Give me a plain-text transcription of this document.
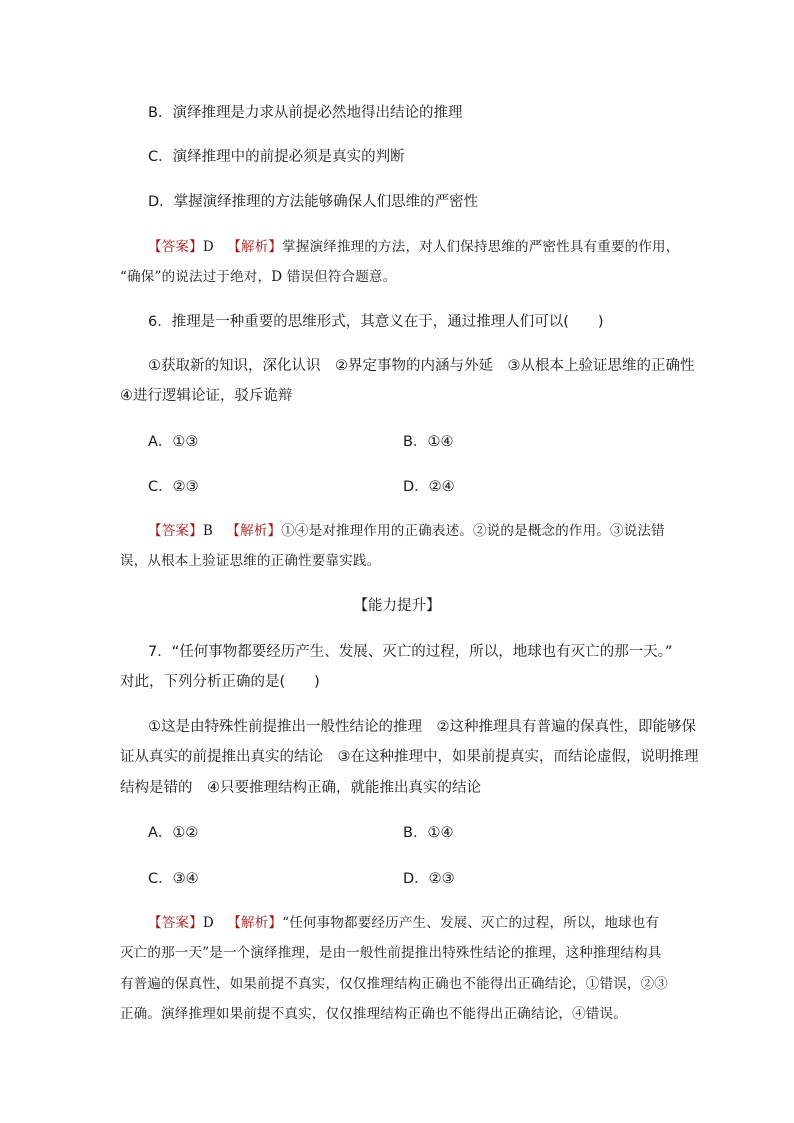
B．演绎推理是力求从前提必然地得出结论的推理
C．演绎推理中的前提必须是真实的判断
D．掌握演绎推理的方法能够确保人们思维的严密性
【答案】D 【解析】掌握演绎推理的方法，对人们保持思维的严密性具有重要的作用，
“确保”的说法过于绝对，D 错误但符合题意。
6．推理是一种重要的思维形式，其意义在于，通过推理人们可以(　　)
①获取新的知识，深化认识　②界定事物的内涵与外延　③从根本上验证思维的正确性
④进行逻辑论证，驳斥诡辩
A．①③	B．①④
C．②③	D．②④
【答案】B 【解析】①④是对推理作用的正确表述。②说的是概念的作用。③说法错
误，从根本上验证思维的正确性要靠实践。
【能力提升】
7．“任何事物都要经历产生、发展、灭亡的过程，所以，地球也有灭亡的那一天。”
对此，下列分析正确的是(　　)
①这是由特殊性前提推出一般性结论的推理　②这种推理具有普遍的保真性，即能够保
证从真实的前提推出真实的结论　③在这种推理中，如果前提真实，而结论虚假，说明推理
结构是错的　④只要推理结构正确，就能推出真实的结论
A．①②	B．①④
C．③④	D．②③
【答案】D 【解析】“任何事物都要经历产生、发展、灭亡的过程，所以，地球也有
灭亡的那一天”是一个演绎推理，是由一般性前提推出特殊性结论的推理，这种推理结构具
有普遍的保真性，如果前提不真实，仅仅推理结构正确也不能得出正确结论，①错误，②③
正确。演绎推理如果前提不真实，仅仅推理结构正确也不能得出正确结论，④错误。
